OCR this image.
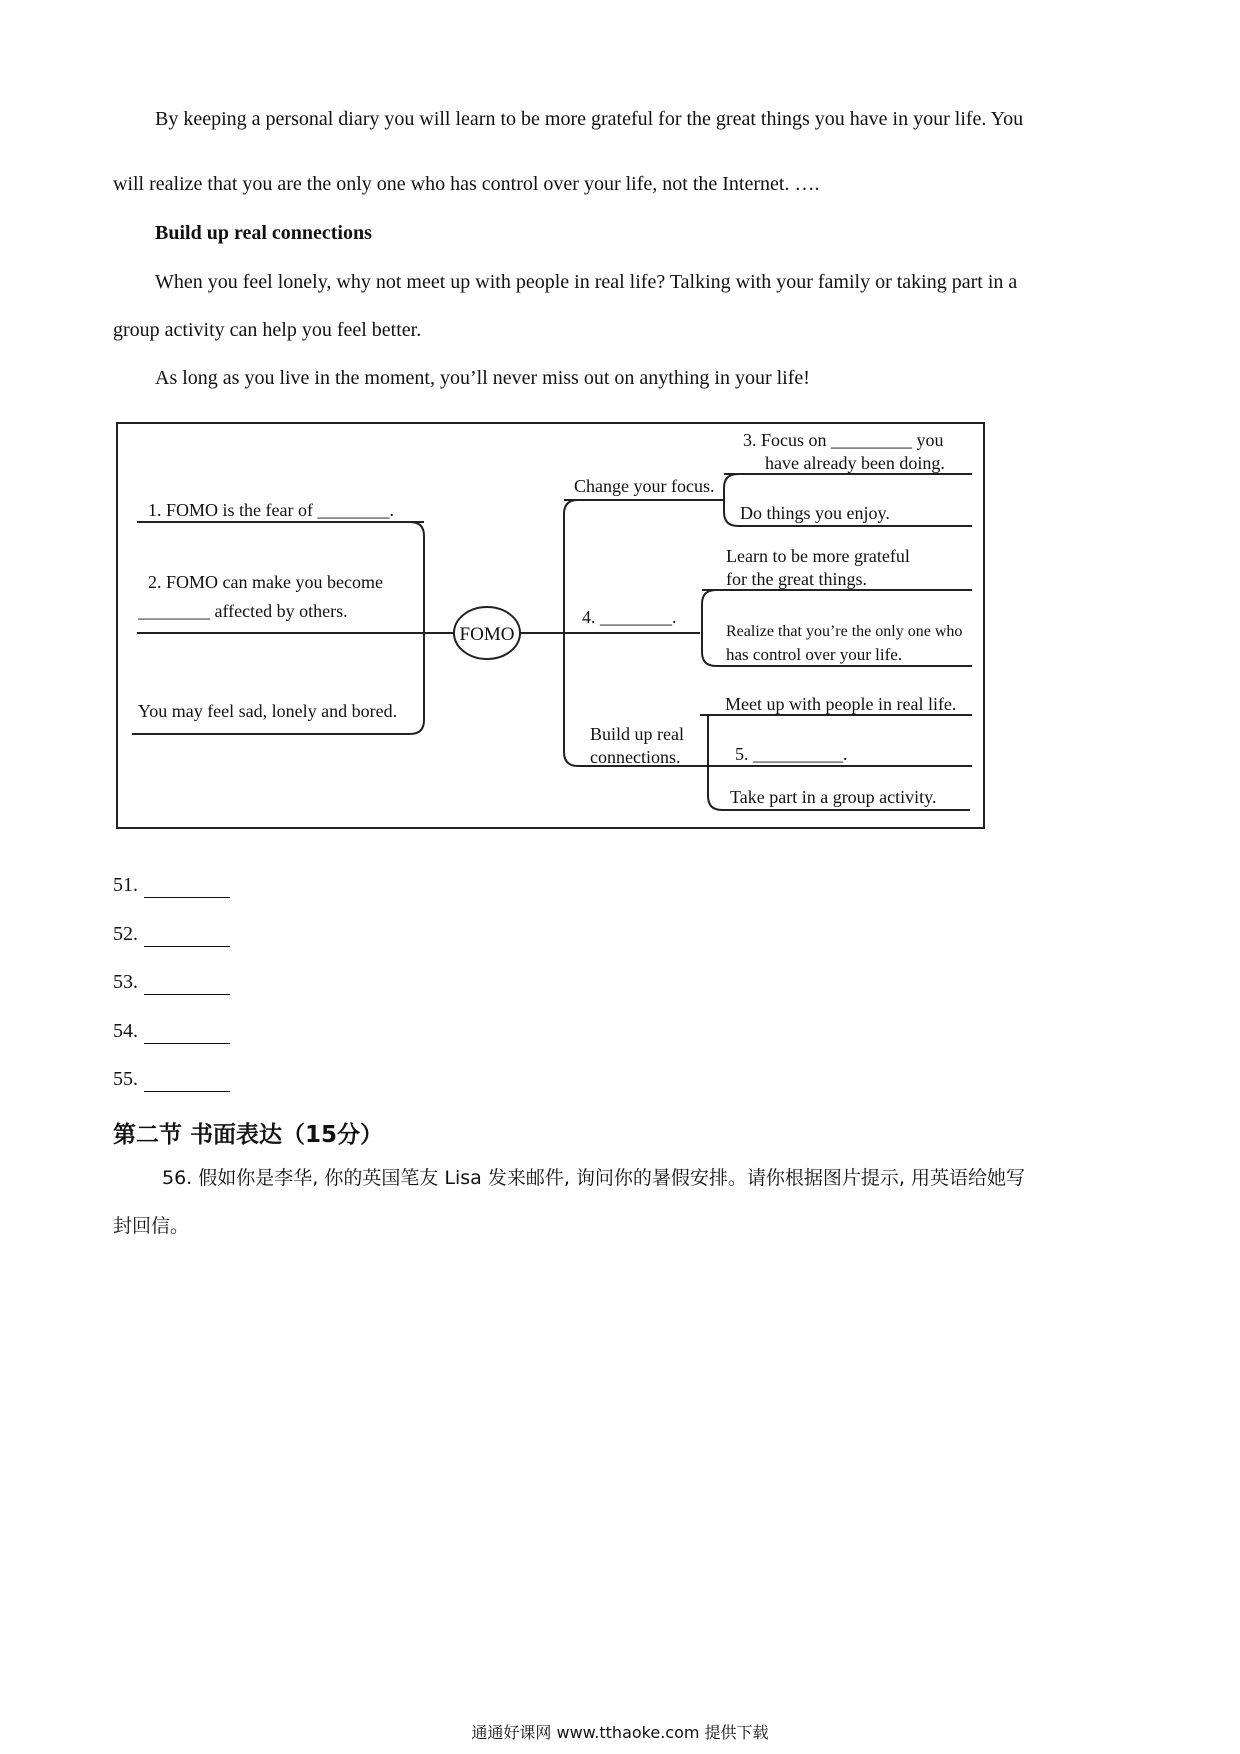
By keeping a personal diary you will learn to be more grateful for the great things you have in your life. You
will realize that you are the only one who has control over your life, not the Internet. ….
Build up real connections
When you feel lonely, why not meet up with people in real life? Talking with your family or taking part in a
group activity can help you feel better.
As long as you live in the moment, you’ll never miss out on anything in your life!
FOMO
1. FOMO is the fear of ________.
2. FOMO can make you become
________ affected by others.
You may feel sad, lonely and bored.
Change your focus.
3. Focus on _________ you
have already been doing.
Do things you enjoy.
4. ________.
Learn to be more grateful
for the great things.
Realize that you’re the only one who
has control over your life.
Build up real
connections.
Meet up with people in real life.
5. __________.
Take part in a group activity.
51.
52.
53.
54.
55.
第二节 书面表达（15分）
56. 假如你是李华, 你的英国笔友 Lisa 发来邮件, 询问你的暑假安排。请你根据图片提示, 用英语给她写
封回信。
通通好课网 www.tthaoke.com 提供下载
